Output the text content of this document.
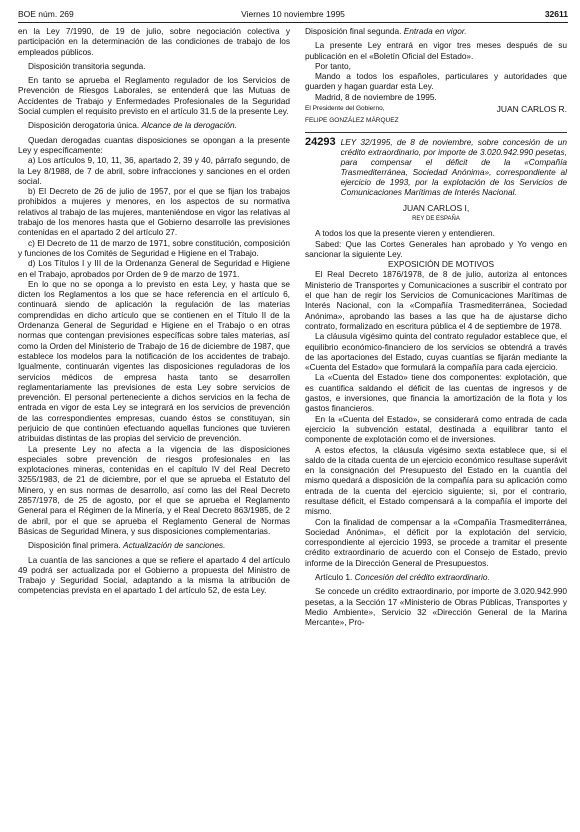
BOE núm. 269	Viernes 10 noviembre 1995	32611

en la Ley 7/1990, de 19 de julio, sobre negociación colectiva y participación en la determinación de las condiciones de trabajo de los empleados públicos.

Disposición transitoria segunda.

En tanto se aprueba el Reglamento regulador de los Servicios de Prevención de Riesgos Laborales, se entenderá que las Mutuas de Accidentes de Trabajo y Enfermedades Profesionales de la Seguridad Social cumplen el requisito previsto en el artículo 31.5 de la presente Ley.

Disposición derogatoria única. Alcance de la derogación.

Quedan derogadas cuantas disposiciones se opongan a la presente Ley y específicamente:

a) Los artículos 9, 10, 11, 36, apartado 2, 39 y 40, párrafo segundo, de la Ley 8/1988, de 7 de abril, sobre infracciones y sanciones en el orden social.

b) El Decreto de 26 de julio de 1957, por el que se fijan los trabajos prohibidos a mujeres y menores, en los aspectos de su normativa relativos al trabajo de las mujeres, manteniéndose en vigor las relativas al trabajo de los menores hasta que el Gobierno desarrolle las previsiones contenidas en el apartado 2 del artículo 27.

c) El Decreto de 11 de marzo de 1971, sobre constitución, composición y funciones de los Comités de Seguridad e Higiene en el Trabajo.

d) Los Títulos I y III de la Ordenanza General de Seguridad e Higiene en el Trabajo, aprobados por Orden de 9 de marzo de 1971.

En lo que no se oponga a lo previsto en esta Ley, y hasta que se dicten los Reglamentos a los que se hace referencia en el artículo 6, continuará siendo de aplicación la regulación de las materias comprendidas en dicho artículo que se contienen en el Título II de la Ordenanza General de Seguridad e Higiene en el Trabajo o en otras normas que contengan previsiones específicas sobre tales materias, así como la Orden del Ministerio de Trabajo de 16 de diciembre de 1987, que establece los modelos para la notificación de los accidentes de trabajo. Igualmente, continuarán vigentes las disposiciones reguladoras de los servicios médicos de empresa hasta tanto se desarrollen reglamentariamente las previsiones de esta Ley sobre servicios de prevención. El personal perteneciente a dichos servicios en la fecha de entrada en vigor de esta Ley se integrará en los servicios de prevención de las correspondientes empresas, cuando éstos se constituyan, sin perjuicio de que continúen efectuando aquellas funciones que tuvieren atribuidas distintas de las propias del servicio de prevención.

La presente Ley no afecta a la vigencia de las disposiciones especiales sobre prevención de riesgos profesionales en las explotaciones mineras, contenidas en el capítulo IV del Real Decreto 3255/1983, de 21 de diciembre, por el que se aprueba el Estatuto del Minero, y en sus normas de desarrollo, así como las del Real Decreto 2857/1978, de 25 de agosto, por el que se aprueba el Reglamento General para el Régimen de la Minería, y el Real Decreto 863/1985, de 2 de abril, por el que se aprueba el Reglamento General de Normas Básicas de Seguridad Minera, y sus disposiciones complementarias.

Disposición final primera. Actualización de sanciones.

La cuantía de las sanciones a que se refiere el apartado 4 del artículo 49 podrá ser actualizada por el Gobierno a propuesta del Ministro de Trabajo y Seguridad Social, adaptando a la misma la atribución de competencias prevista en el apartado 1 del artículo 52, de esta Ley.

Disposición final segunda. Entrada en vigor.

La presente Ley entrará en vigor tres meses después de su publicación en el «Boletín Oficial del Estado».

Por tanto,

Mando a todos los españoles, particulares y autoridades que guarden y hagan guardar esta Ley.

Madrid, 8 de noviembre de 1995.

El Presidente del Gobierno,	JUAN CARLOS R.
FELIPE GONZÁLEZ MÁRQUEZ
24293 LEY 32/1995, de 8 de noviembre, sobre concesión de un crédito extraordinario, por importe de 3.020.942.990 pesetas, para compensar el déficit de la «Compañía Trasmediterránea, Sociedad Anónima», correspondiente al ejercicio de 1993, por la explotación de los Servicios de Comunicaciones Marítimas de Interés Nacional.
JUAN CARLOS I,
REY DE ESPAÑA

A todos los que la presente vieren y entendieren.

Sabed: Que las Cortes Generales han aprobado y Yo vengo en sancionar la siguiente Ley.

EXPOSICIÓN DE MOTIVOS

El Real Decreto 1876/1978, de 8 de julio, autoriza al entonces Ministerio de Transportes y Comunicaciones a suscribir el contrato por el que han de regir los Servicios de Comunicaciones Marítimas de Interés Nacional, con la «Compañía Trasmediterránea, Sociedad Anónima», aprobando las bases a las que ha de ajustarse dicho contrato, formalizado en escritura pública el 4 de septiembre de 1978.

La cláusula vigésimo quinta del contrato regulador establece que, el equilibrio económico-financiero de los servicios se obtendrá a través de las aportaciones del Estado, cuyas cuantías se fijarán mediante la «Cuenta del Estado» que formulará la compañía para cada ejercicio.

La «Cuenta del Estado» tiene dos componentes: explotación, que es cuantifica saldando el déficit de las cuentas de ingresos y de gastos, e inversiones, que financia la amortización de la flota y los gastos financieros.

En la «Cuenta del Estado», se considerará como entrada de cada ejercicio la subvención estatal, destinada a equilibrar tanto el componente de explotación como el de inversiones.

A estos efectos, la cláusula vigésimo sexta establece que, si el saldo de la citada cuenta de un ejercicio económico resultase superávit en la consignación del Presupuesto del Estado en la cuantía del mismo quedará a disposición de la compañía para su aplicación como entrada de la cuenta del ejercicio siguiente; si, por el contrario, resultase déficit, el Estado compensará a la compañía el importe del mismo.

Con la finalidad de compensar a la «Compañía Trasmediterránea, Sociedad Anónima», el déficit por la explotación del servicio, correspondiente al ejercicio 1993, se procede a tramitar el presente crédito extraordinario de acuerdo con el Consejo de Estado, previo informe de la Dirección General de Presupuestos.

Artículo 1. Concesión del crédito extraordinario.

Se concede un crédito extraordinario, por importe de 3.020.942.990 pesetas, a la Sección 17 «Ministerio de Obras Públicas, Transportes y Medio Ambiente», Servicio 32 «Dirección General de la Marina Mercante», Pro-
